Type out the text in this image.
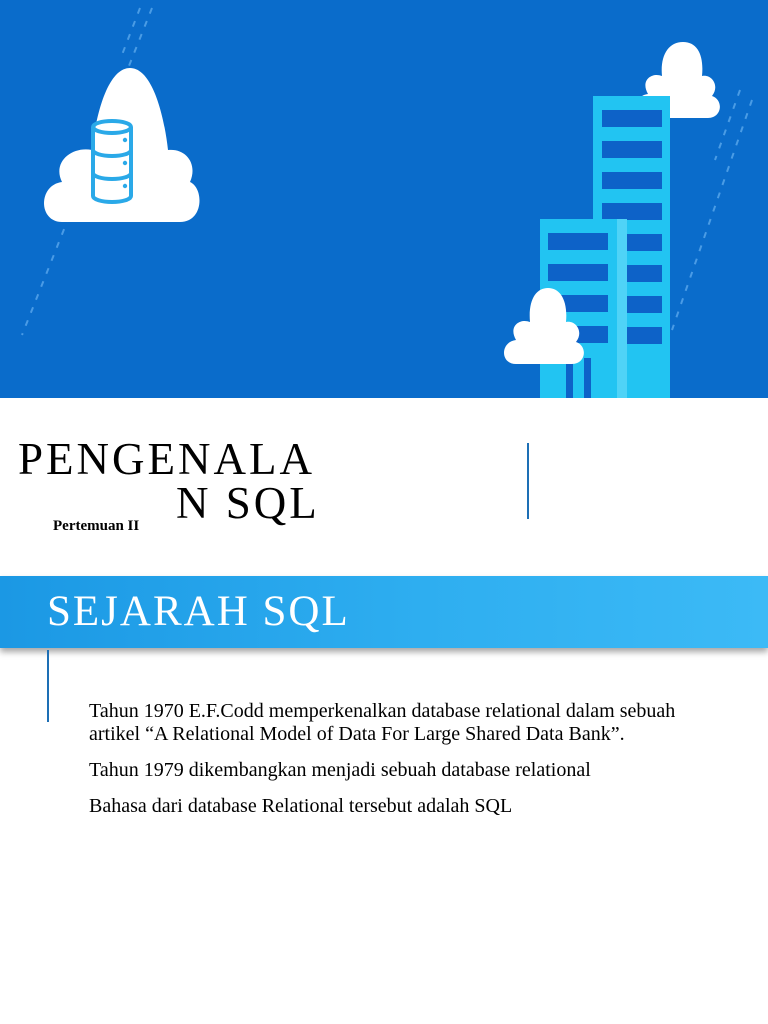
PENGENALA
N SQL
Pertemuan II
SEJARAH SQL

Tahun 1970 E.F.Codd memperkenalkan database relational dalam sebuah artikel “A Relational Model of Data For Large Shared Data Bank”.

Tahun 1979 dikembangkan menjadi sebuah database relational

Bahasa dari database Relational tersebut adalah SQL
